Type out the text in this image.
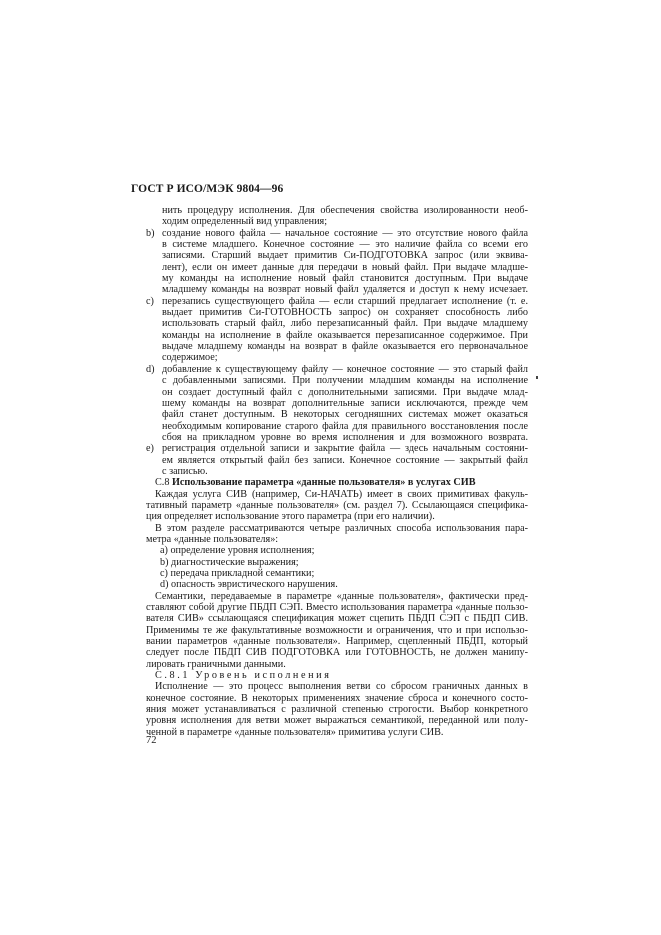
ГОСТ Р ИСО/МЭК 9804—96
нить процедуру исполнения. Для обеспечения свойства изолированности необ-
ходим определенный вид управления;
b) создание нового файла — начальное состояние — это отсутствие нового файла
в системе младшего. Конечное состояние — это наличие файла со всеми его
записями. Старший выдает примитив Си-ПОДГОТОВКА запрос (или эквива-
лент), если он имеет данные для передачи в новый файл. При выдаче младше-
му команды на исполнение новый файл становится доступным. При выдаче
младшему команды на возврат новый файл удаляется и доступ к нему исчезает.
c) перезапись существующего файла — если старший предлагает исполнение (т. е.
выдает примитив Си-ГОТОВНОСТЬ запрос) он сохраняет способность либо
использовать старый файл, либо перезаписанный файл. При выдаче младшему
команды на исполнение в файле оказывается перезаписанное содержимое. При
выдаче младшему команды на возврат в файле оказывается его первоначальное
содержимое;
d) добавление к существующему файлу — конечное состояние — это старый файл
с добавленными записями. При получении младшим команды на исполнение
он создает доступный файл с дополнительными записями. При выдаче млад-
шему команды на возврат дополнительные записи исключаются, прежде чем
файл станет доступным. В некоторых сегодняшних системах может оказаться
необходимым копирование старого файла для правильного восстановления после
сбоя на прикладном уровне во время исполнения и для возможного возврата.
e) регистрация отдельной записи и закрытие файла — здесь начальным состояни-
ем является открытый файл без записи. Конечное состояние — закрытый файл
с записью.
С.8 Использование параметра «данные пользователя» в услугах СИВ
Каждая услуга СИВ (например, Си-НАЧАТЬ) имеет в своих примитивах факуль-
тативный параметр «данные пользователя» (см. раздел 7). Ссылающаяся специфика-
ция определяет использование этого параметра (при его наличии).
В этом разделе рассматриваются четыре различных способа использования пара-
метра «данные пользователя»:
a) определение уровня исполнения;
b) диагностические выражения;
c) передача прикладной семантики;
d) опасность эвристического нарушения.
Семантики, передаваемые в параметре «данные пользователя», фактически пред-
ставляют собой другие ПБДП СЭП. Вместо использования параметра «данные пользо-
вателя СИВ» ссылающаяся спецификация может сцепить ПБДП СЭП с ПБДП СИВ.
Применимы те же факультативные возможности и ограничения, что и при использо-
вании параметров «данные пользователя». Например, сцепленный ПБДП, который
следует после ПБДП СИВ ПОДГОТОВКА или ГОТОВНОСТЬ, не должен манипу-
лировать граничными данными.
С.8.1 Уровень исполнения
Исполнение — это процесс выполнения ветви со сбросом граничных данных в
конечное состояние. В некоторых применениях значение сброса и конечного состо-
яния может устанавливаться с различной степенью строгости. Выбор конкретного
уровня исполнения для ветви может выражаться семантикой, переданной или полу-
ченной в параметре «данные пользователя» примитива услуги СИВ.
72
